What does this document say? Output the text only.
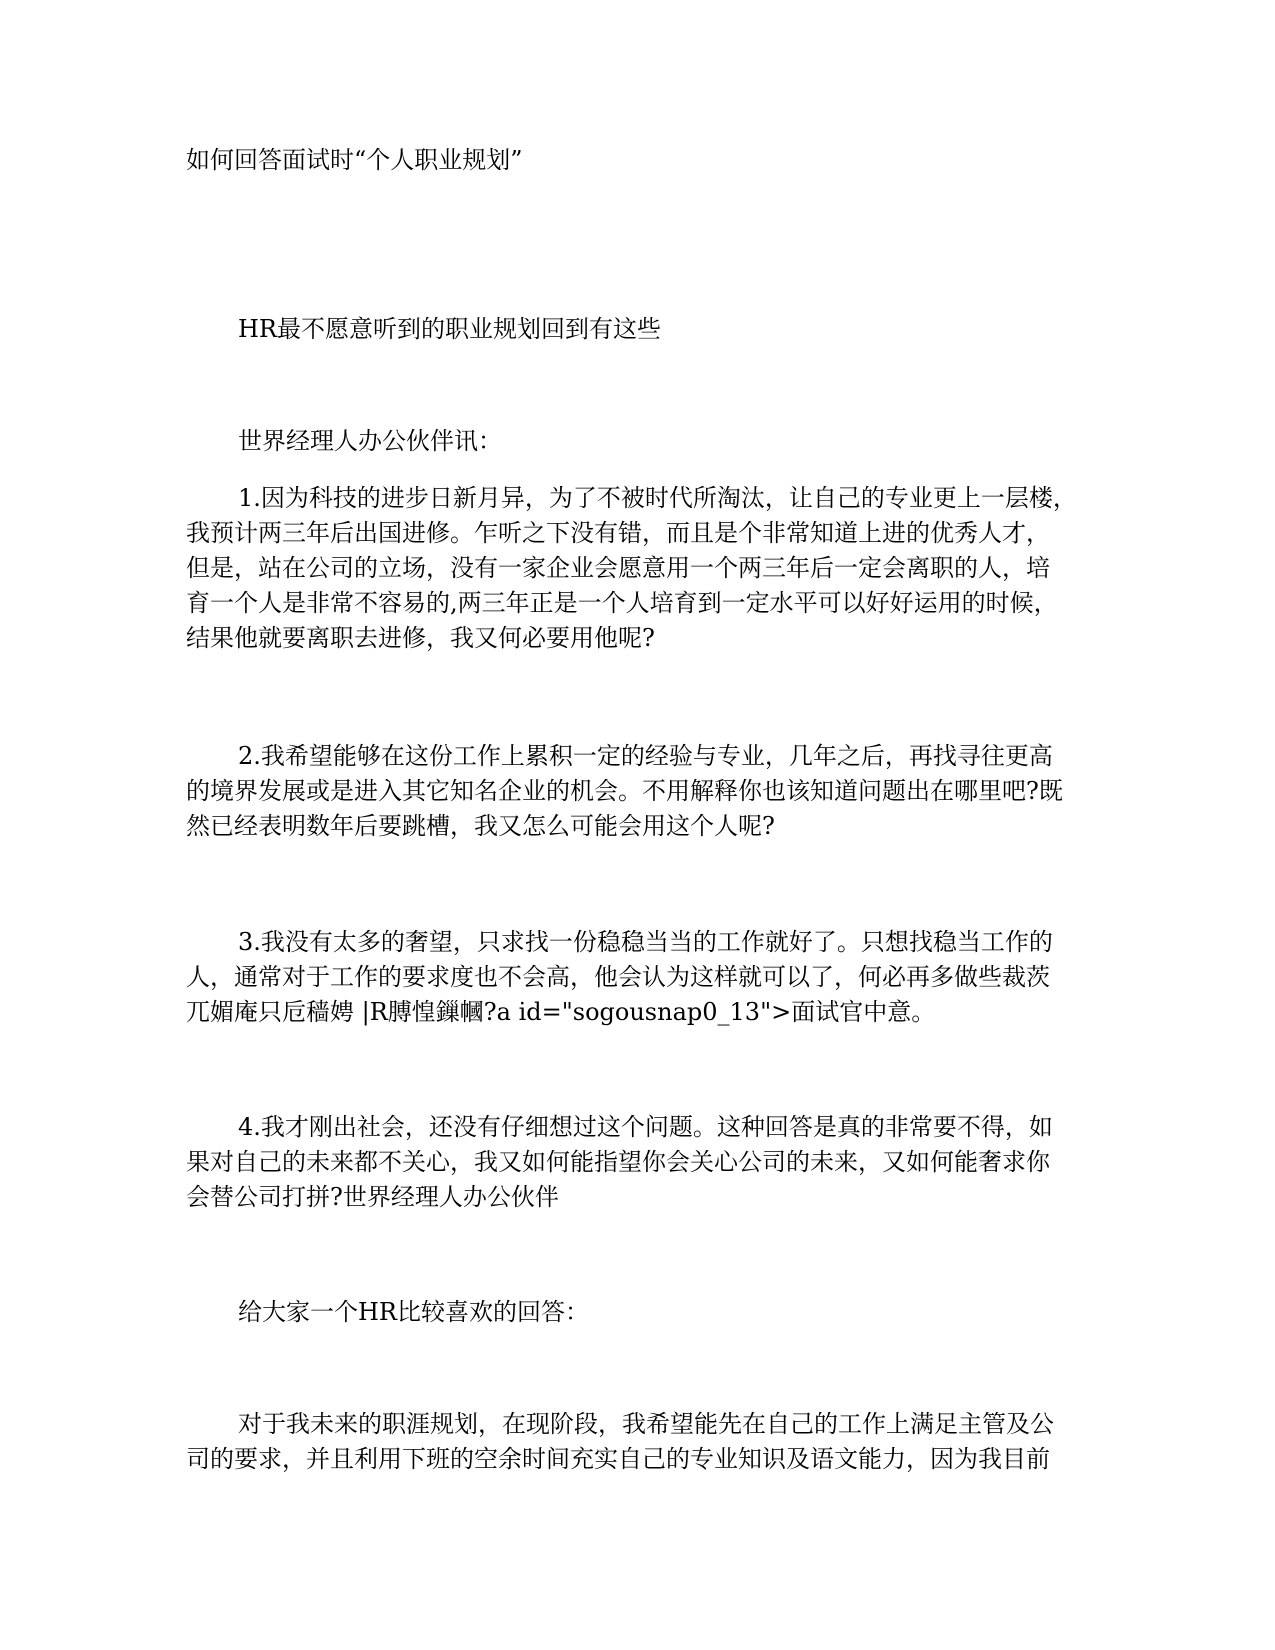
如何回答面试时“个人职业规划”

HR最不愿意听到的职业规划回到有这些

世界经理人办公伙伴讯：

1.因为科技的进步日新月异，为了不被时代所淘汰，让自己的专业更上一层楼，

我预计两三年后出国进修。乍听之下没有错，而且是个非常知道上进的优秀人才，

但是，站在公司的立场，没有一家企业会愿意用一个两三年后一定会离职的人，培

育一个人是非常不容易的,两三年正是一个人培育到一定水平可以好好运用的时候，

结果他就要离职去进修，我又何必要用他呢?

2.我希望能够在这份工作上累积一定的经验与专业，几年之后，再找寻往更高

的境界发展或是进入其它知名企业的机会。不用解释你也该知道问题出在哪里吧?既

然已经表明数年后要跳槽，我又怎么可能会用这个人呢?

3.我没有太多的奢望，只求找一份稳稳当当的工作就好了。只想找稳当工作的

人，通常对于工作的要求度也不会高，他会认为这样就可以了，何必再多做些裁茨

兀媚庵只卮穑娉 |R膊惶鏁幗?a id="sogousnap0_13">面试官中意。

4.我才刚出社会，还没有仔细想过这个问题。这种回答是真的非常要不得，如

果对自己的未来都不关心，我又如何能指望你会关心公司的未来，又如何能奢求你

会替公司打拼?世界经理人办公伙伴

给大家一个HR比较喜欢的回答：

对于我未来的职涯规划，在现阶段，我希望能先在自己的工作上满足主管及公

司的要求，并且利用下班的空余时间充实自己的专业知识及语文能力，因为我目前
